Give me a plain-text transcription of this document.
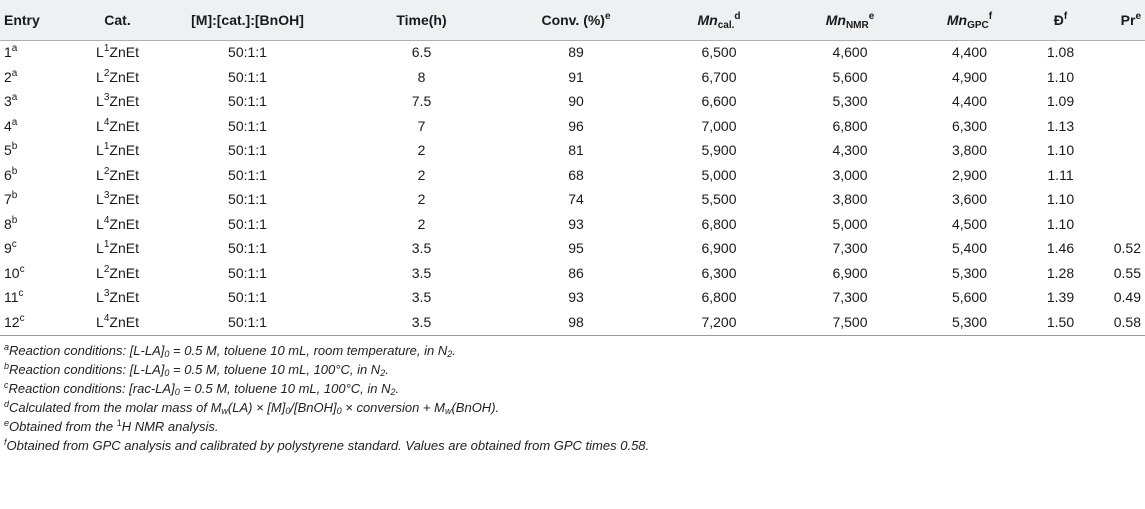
Entry	Cat.	[M]:[cat.]:[BnOH]	Time(h)	Conv. (%)$^e$	$Mn_{cal.}^d$	$Mn_{NMR}^e$	$Mn_{GPC}^f$	$Đ^f$	Pr$^e$
1$^a$	$L^1ZnEt$	50:1:1	6.5	89	6,500	4,600	4,400	1.08	
2$^a$	$L^2ZnEt$	50:1:1	8	91	6,700	5,600	4,900	1.10	
3$^a$	$L^3ZnEt$	50:1:1	7.5	90	6,600	5,300	4,400	1.09	
4$^a$	$L^4ZnEt$	50:1:1	7	96	7,000	6,800	6,300	1.13	
5$^b$	$L^1ZnEt$	50:1:1	2	81	5,900	4,300	3,800	1.10	
6$^b$	$L^2ZnEt$	50:1:1	2	68	5,000	3,000	2,900	1.11	
7$^b$	$L^3ZnEt$	50:1:1	2	74	5,500	3,800	3,600	1.10	
8$^b$	$L^4ZnEt$	50:1:1	2	93	6,800	5,000	4,500	1.10	
9$^c$	$L^1ZnEt$	50:1:1	3.5	95	6,900	7,300	5,400	1.46	0.52
10$^c$	$L^2ZnEt$	50:1:1	3.5	86	6,300	6,900	5,300	1.28	0.55
11$^c$	$L^3ZnEt$	50:1:1	3.5	93	6,800	7,300	5,600	1.39	0.49
12$^c$	$L^4ZnEt$	50:1:1	3.5	98	7,200	7,500	5,300	1.50	0.58
$^a$Reaction conditions: $[L-LA]_0 = 0.5$ M, toluene 10 mL, room temperature, in $N_2$.
$^b$Reaction conditions: $[L-LA]_0 = 0.5$ M, toluene 10 mL, 100°C, in $N_2$.
$^c$Reaction conditions: $[rac-LA]_0 = 0.5$ M, toluene 10 mL, 100°C, in $N_2$.
$^d$Calculated from the molar mass of $M_w(LA)$ × $[M]_0/[BnOH]_0$ × conversion + $M_w(BnOH)$.
$^e$Obtained from the $^1$H NMR analysis.
$^f$Obtained from GPC analysis and calibrated by polystyrene standard. Values are obtained from GPC times 0.58.
